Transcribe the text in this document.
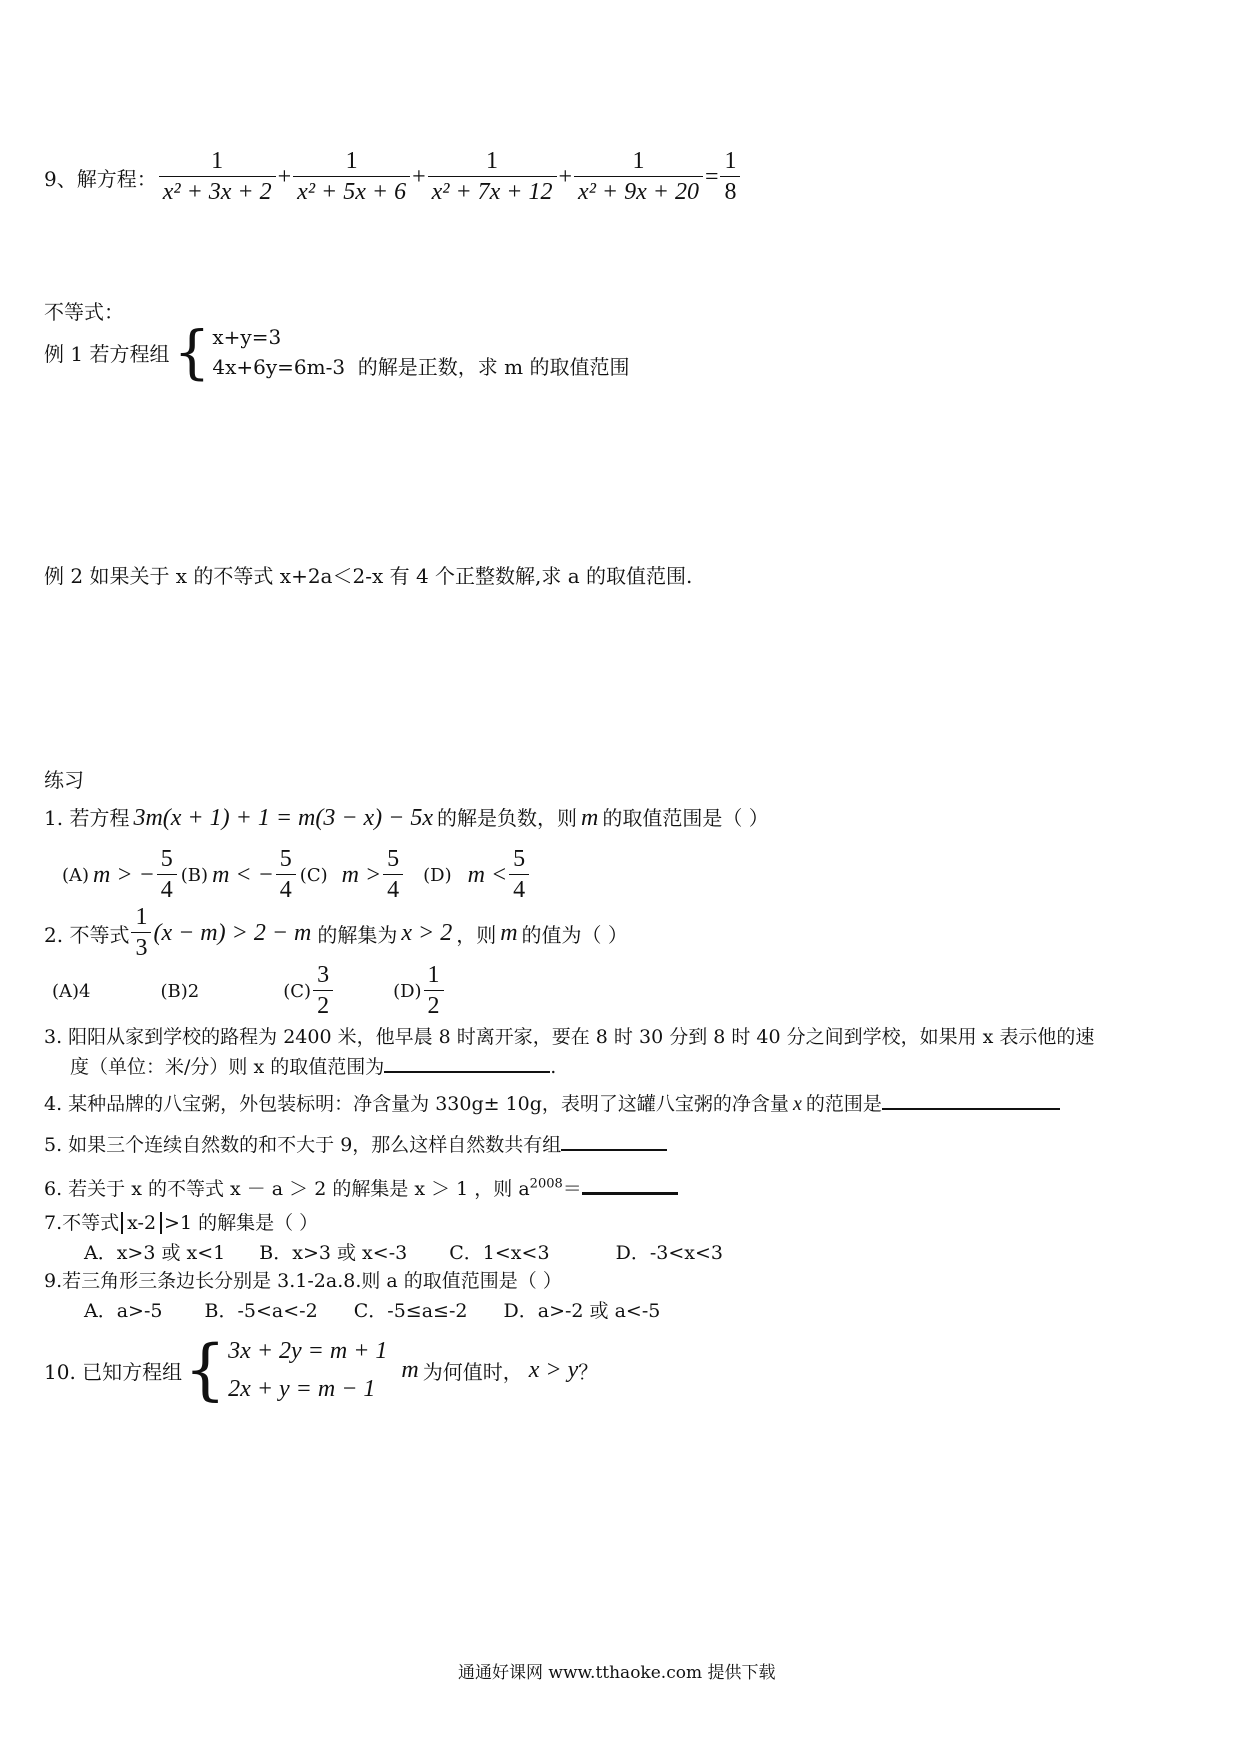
9、解方程： $\frac{1}{\text{x² + 3x + 2}} + \frac{1}{\text{x² + 5x + 6}} + \frac{1}{\text{x² + 7x + 12}} + \frac{1}{\text{x² + 9x + 20}} = \frac{1}{8}$
不等式：
例 1 若方程组 { x+y=3
4x+6y=6m-3 的解是正数，求 m 的取值范围
例 2 如果关于 x 的不等式 x+2a＜2-x 有 4 个正整数解,求 a 的取值范围.
练习
1. 若方程 3m(x + 1) + 1 = m(3 − x) − 5x 的解是负数，则 m 的取值范围是（ ）
(A) m > − $\frac{5}{4} (B) m$ < − $\frac{5}{4} (C) m > \frac{5}{4} (D) m < \frac{5}{4}$
2. 不等式 $\frac{1}{3} (x - m) > 2 - m$ 的解集为 x > 2 ，则 m 的值为（ ）
(A)4	(B)2	$(C) \frac{3}{2}$	$(D) \frac{1}{2}$
3. 阳阳从家到学校的路程为 2400 米，他早晨 8 时离开家，要在 8 时 30 分到 8 时 40 分之间到学校，如果用 x 表示他的速
度（单位：米/分）则 x 的取值范围为	.
4. 某种品牌的八宝粥，外包装标明：净含量为 330g± 10g，表明了这罐八宝粥的净含量 x 的范围是
5. 如果三个连续自然数的和不大于 9，那么这样自然数共有组
6. 若关于 x 的不等式 x － a ＞ 2 的解集是 x ＞ 1 ，则 $a^{2008}=$
7.不等式 x-2 >1 的解集是（ ）
A．x>3 或 x<1 B．x>3 或 x<-3 C．1<x<3	D．-3<x<3
9.若三角形三条边长分别是 3.1-2a.8.则 a 的取值范围是（ ）
A．a>-5 B．-5<a<-2 C．-5≤a≤-2 D．a>-2 或 a<-5
10. 已知方程组 { 3x + 2y = m + 1
2x + y = m − 1
m 为何值时， x > y ？
通通好课网 www.tthaoke.com 提供下载
